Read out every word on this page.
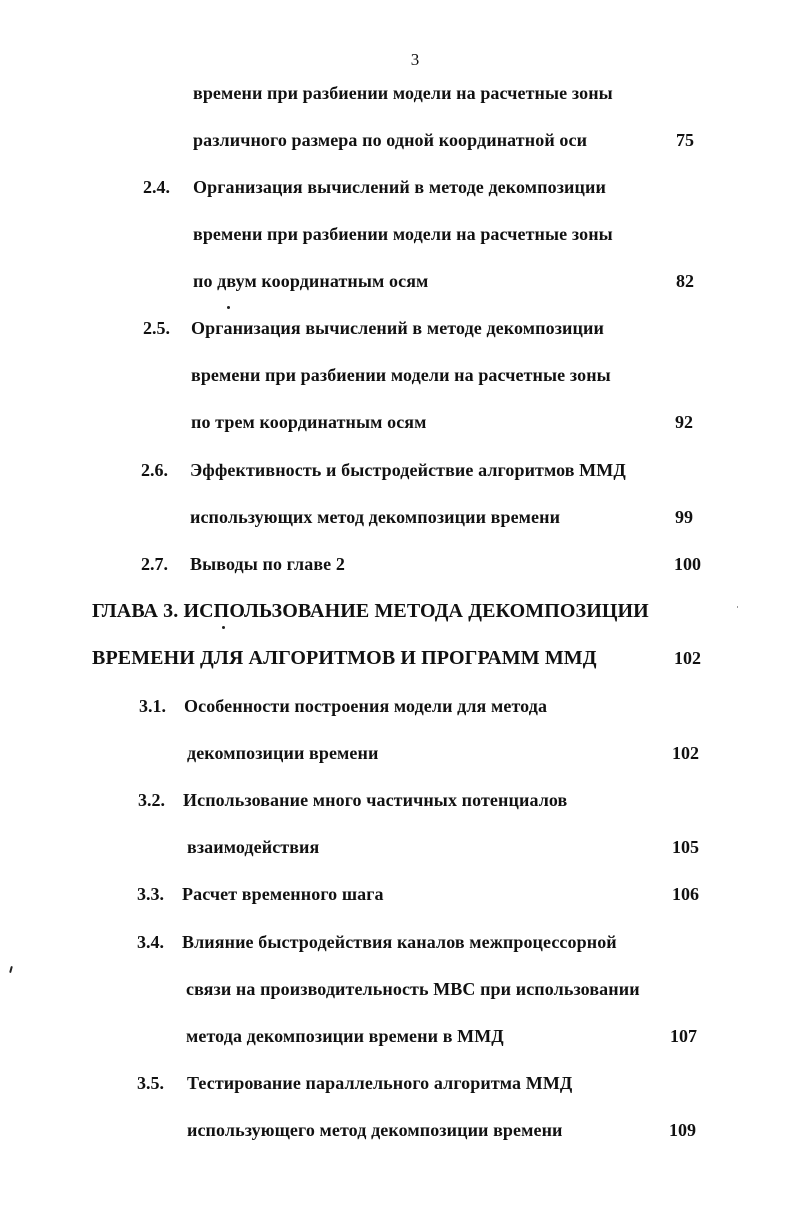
3
времени при разбиении модели на расчетные зоны
различного размера по одной координатной оси	75
2.4. Организация вычислений в методе декомпозиции
времени при разбиении модели на расчетные зоны
по двум координатным осям	82
2.5. Организация вычислений в методе декомпозиции
времени при разбиении модели на расчетные зоны
по трем координатным осям	92
2.6. Эффективность и быстродействие алгоритмов ММД
использующих метод декомпозиции времени	99
2.7. Выводы по главе 2	100
ГЛАВА 3. ИСПОЛЬЗОВАНИЕ МЕТОДА ДЕКОМПОЗИЦИИ
ВРЕМЕНИ ДЛЯ АЛГОРИТМОВ И ПРОГРАММ ММД	102
3.1. Особенности построения модели для метода
декомпозиции времени	102
3.2. Использование много частичных потенциалов
взаимодействия	105
3.3. Расчет временного шага	106
3.4. Влияние быстродействия каналов межпроцессорной
связи на производительность МВС при использовании
метода декомпозиции времени в ММД	107
3.5. Тестирование параллельного алгоритма ММД
использующего метод декомпозиции времени	109
